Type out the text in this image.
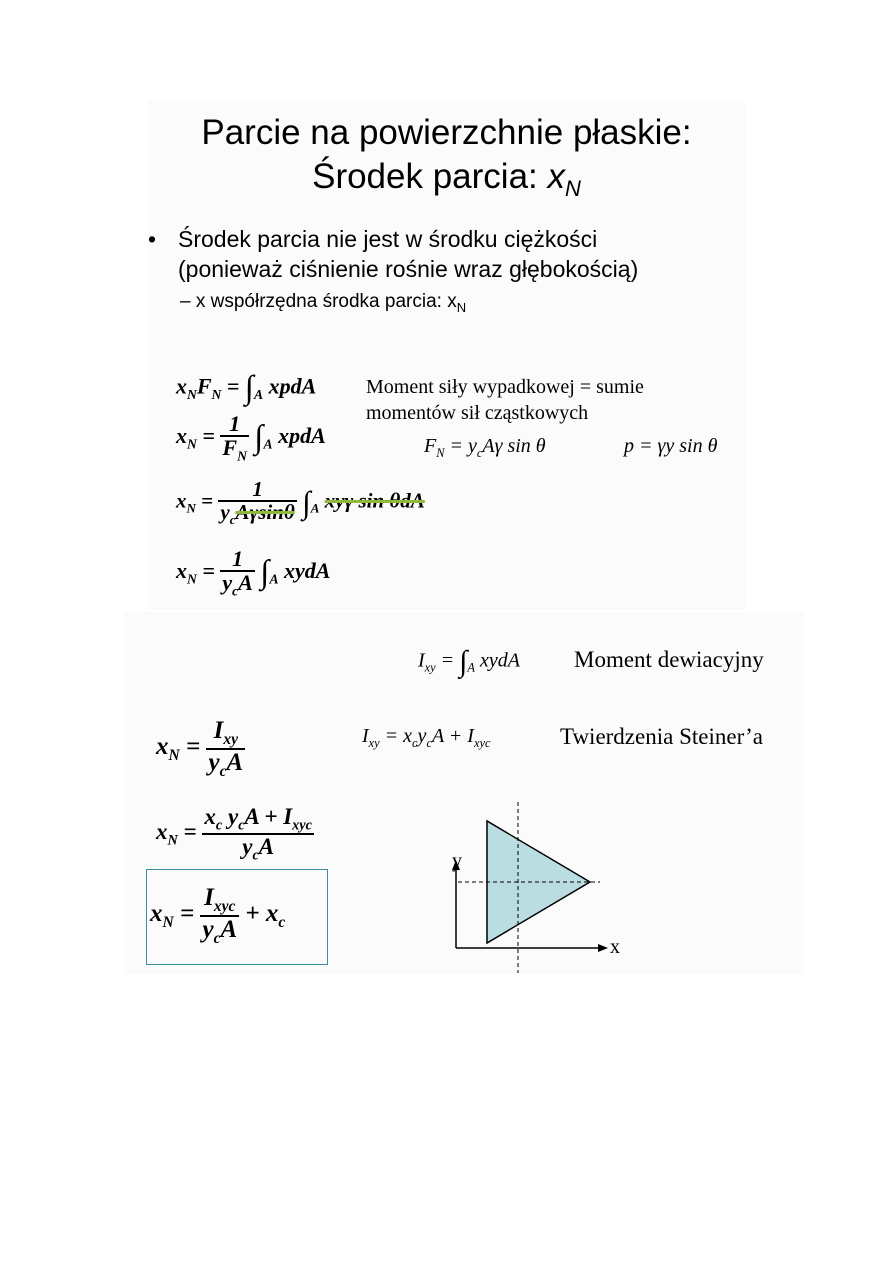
Parcie na powierzchnie płaskie:
Środek parcia: $x_N$
• Środek parcia nie jest w środku ciężkości
(ponieważ ciśnienie rośnie wraz głębokością)
– x współrzędna środka parcia: $x_N$
$x_NF_N = \int_A$ xpdA
$x_N = \frac{1}{F_N} \int_A$ xpdA
$x_N = \frac{1}{y_cA\gamma\sin\theta} \int_A$ xyγ sin θdA
$x_N = \frac{1}{y_cA} \int_A$ xydA
Moment siły wypadkowej = sumie
momentów sił cząstkowych
$F_N = y_cA\gamma$ sin θ	p = γy sin θ
$I_{xy} = \int_A$ xydA Moment dewiacyjny
$I_{xy} = x_cy_cA + I_{xyc}$	Twierdzenia Steiner’a
$x_N = \frac{I_{xy}}{y_cA}$
$x_N = \frac{x_c y_cA + I_{xyc}}{y_cA}$
$x_N = \frac{I_{xyc}}{y_cA} + x_c$
y
x
